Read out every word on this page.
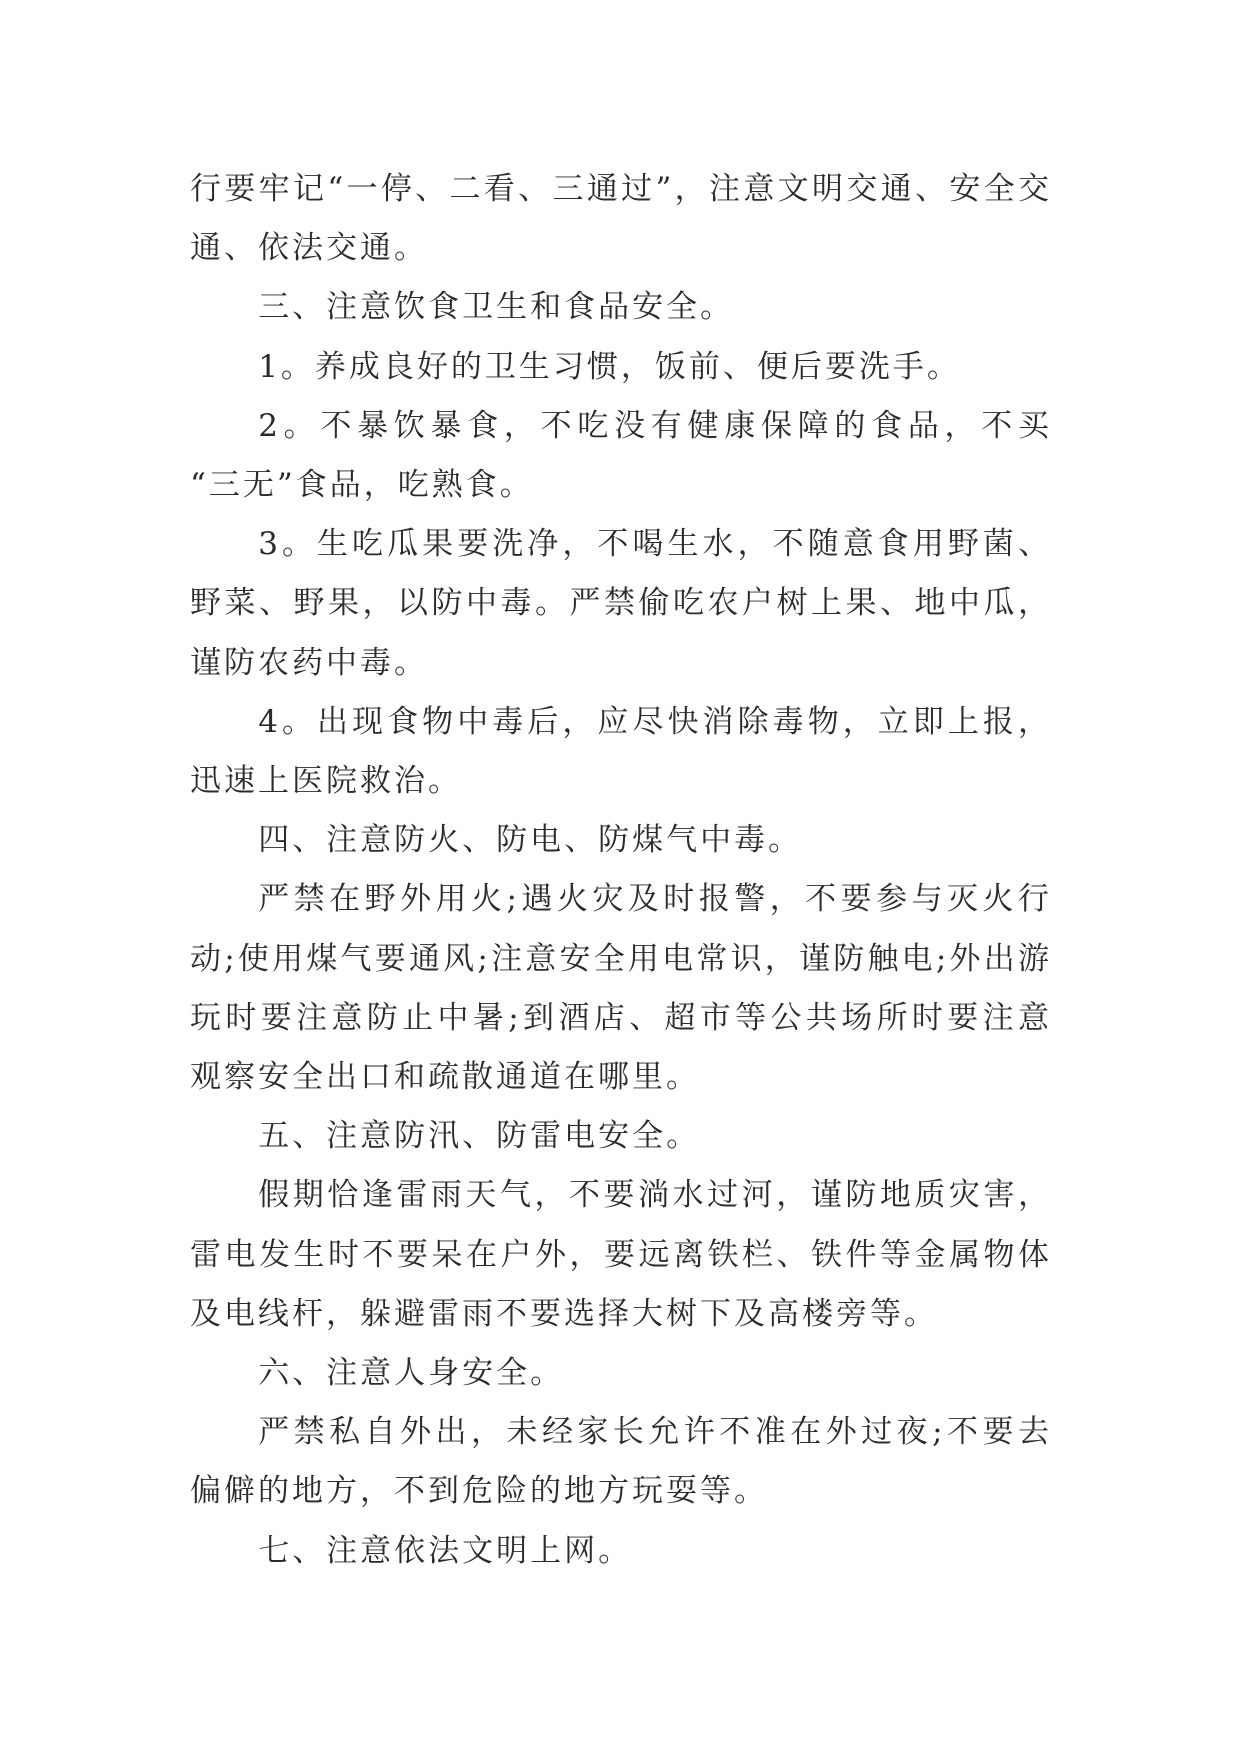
行要牢记“一停、二看、三通过”，注意文明交通、安全交通、依法交通。

三、注意饮食卫生和食品安全。

1。养成良好的卫生习惯，饭前、便后要洗手。

2。不暴饮暴食，不吃没有健康保障的食品，不买 “三无”食品，吃熟食。

3。生吃瓜果要洗净，不喝生水，不随意食用野菌、野菜、野果，以防中毒。严禁偷吃农户树上果、地中瓜，谨防农药中毒。

4。出现食物中毒后，应尽快消除毒物，立即上报，迅速上医院救治。

四、注意防火、防电、防煤气中毒。

严禁在野外用火;遇火灾及时报警，不要参与灭火行动;使用煤气要通风;注意安全用电常识，谨防触电;外出游玩时要注意防止中暑;到酒店、超市等公共场所时要注意观察安全出口和疏散通道在哪里。

五、注意防汛、防雷电安全。

假期恰逢雷雨天气，不要淌水过河，谨防地质灾害，雷电发生时不要呆在户外，要远离铁栏、铁件等金属物体及电线杆，躲避雷雨不要选择大树下及高楼旁等。

六、注意人身安全。

严禁私自外出，未经家长允许不准在外过夜;不要去偏僻的地方，不到危险的地方玩耍等。

七、注意依法文明上网。
